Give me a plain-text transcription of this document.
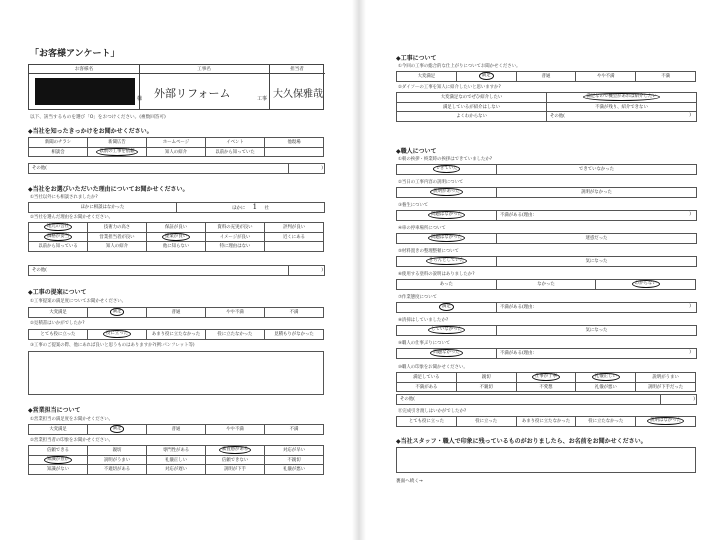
「お客様アンケート」
お客様名	工事名	担当者
様 外部リフォーム	工事 大久保雅哉
以下、該当するものを選び「O」をおつけください。(複数回答可)
◆当社を知ったきっかけをお聞かせください。
新聞のチラシ	新聞広告	ホームページ	イベント	他現場
相談会	以前の工事を依頼	知人の紹介	以前から知っていた	
その他(	)
◆当社をお選びいただいた理由についてお聞かせください。
①当社以外にも相談されましたか?
ほかに相談はなかった	ほかに 1 社
②当社を選んだ理由をお聞かせください。
地元の会社	技術力の高さ	保証が良い	資料の充実が良い	評判が良い
価格が妥当	営業担当者が良い	提案が良い	イメージが良い	近くにある
以前から知っている	知人の紹介	他に知らない	特に理由はない	
その他(	)
◆工事の提案について
①工事提案の満足度についてお聞かせください。
大変満足	満足	普通	やや不満	不満
②見積書はいかがでしたか?
とても役に立った	役に立った	あまり役に立たなかった	役に立たなかった	見積もりがなかった
③工事のご提案の際、他にあれば良いと思うものはありますか?(例:パンフレット等)
◆営業担当について
①営業担当の満足度をお聞かせください。
大変満足	満足	普通	やや不満	不満
②営業担当者の印象をお聞かせください。
信頼できる	親切	専門性がある	素直感がある	対応が早い
知識が豊か	説明がうまい	礼儀正しい	信頼できない	不親切
知識がない	不適切がある	対応が遅い	説明が下手	礼儀が悪い
◆工事について
①今回の工事の総合的な仕上がりについてお聞かせください。
大変満足	満足	普通	やや不満	不満
②ダイソーの工事を知人に紹介したいと思いますか?
大変満足なのでぜひ紹介したい	満足なので機会があれば紹介したい
満足しているが紹介はしない	不満が残り、紹介できない
よくわからない	その他( )
◆職人について
①朝の挨拶・終業時の挨拶はできていましたか?
できていた	できていなかった
②当日の工事内容の説明について
説明があった	説明がなかった
③養生について
問題はなかった	不満がある(理由:	)
④車の停車場所について
問題はなかった	迷惑だった
⑤材料置きの整理整頓について
きちんとしていた	気になった
⑥使用する塗料の説明はありましたか?
あった	なかった	わからない
⑦作業態度について
満足	不満がある(理由:	)
⑧清掃はしていましたか?
していなかった	気になった
⑨職人の仕事ぶりについて
問題なかった	不満がある(理由:	)
⑩職人の印象をお聞かせください。
満足している	親切	仕事が丁寧	礼儀正しい	説明がうまい
不満がある	不親切	不愛想	礼儀が悪い	説明が下手だった
その他(	)
⑪完成引き渡しはいかがでしたか?
とても役に立った	役に立った	あまり役に立たなかった	役に立たなかった	説明はなかった
◆当社スタッフ・職人で印象に残っているものがおりましたら、お名前をお聞かせください。
裏面へ続く→
